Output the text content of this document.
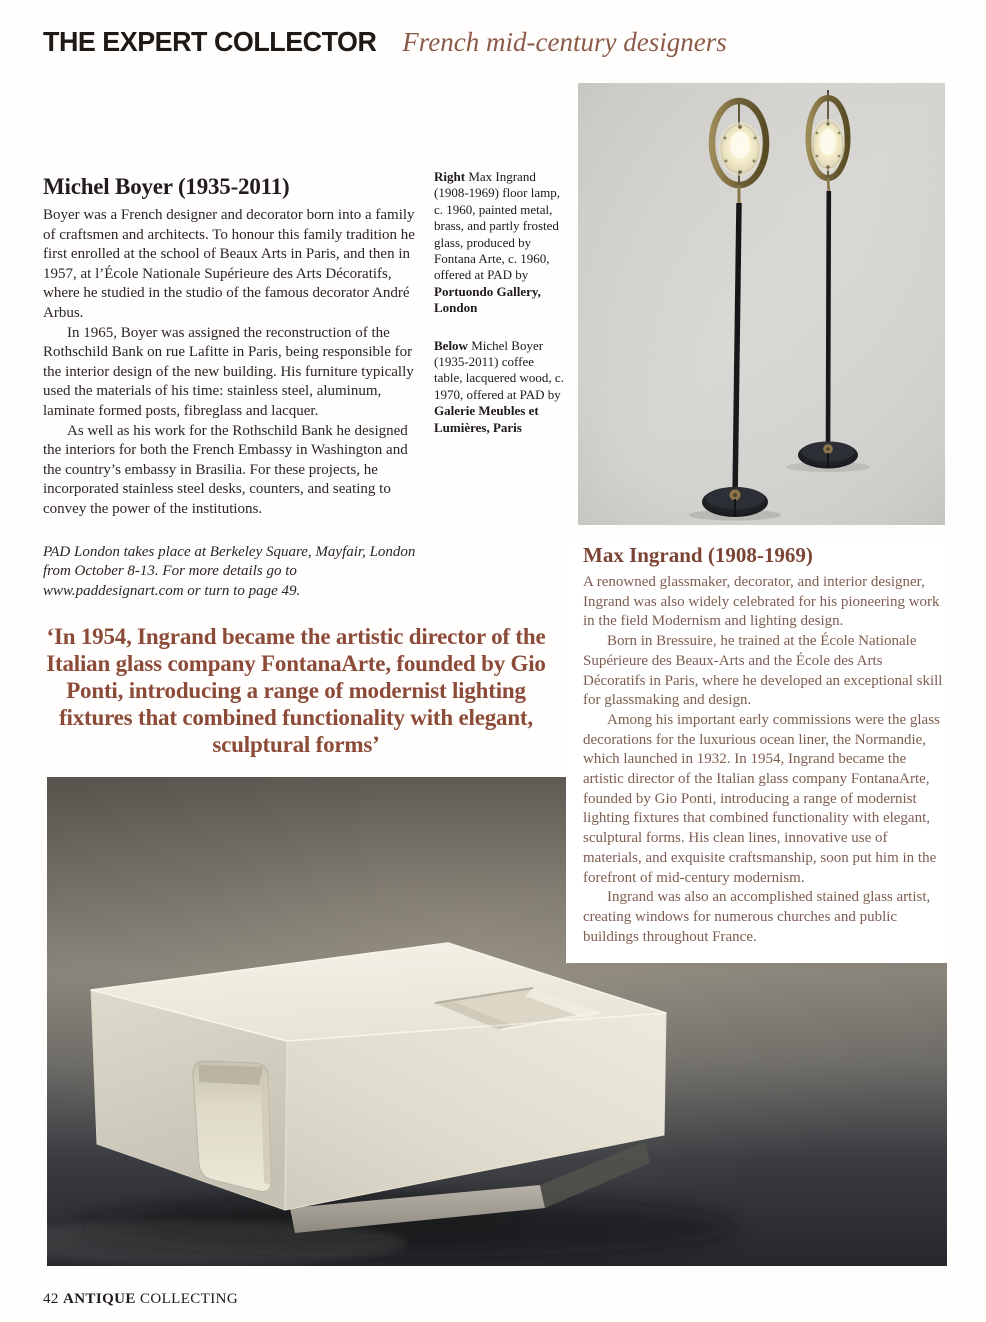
THE EXPERT COLLECTOR French mid-century designers
Michel Boyer (1935-2011)

Boyer was a French designer and decorator born into a family of craftsmen and architects. To honour this family tradition he first enrolled at the school of Beaux Arts in Paris, and then in 1957, at l’École Nationale Supérieure des Arts Décoratifs, where he studied in the studio of the famous decorator André Arbus.

In 1965, Boyer was assigned the reconstruction of the Rothschild Bank on rue Lafitte in Paris, being responsible for the interior design of the new building. His furniture typically used the materials of his time: stainless steel, aluminum, laminate formed posts, fibreglass and lacquer.

As well as his work for the Rothschild Bank he designed the interiors for both the French Embassy in Washington and the country’s embassy in Brasilia. For these projects, he incorporated stainless steel desks, counters, and seating to convey the power of the institutions.

PAD London takes place at Berkeley Square, Mayfair, London from October 8-13. For more details go to www.paddesignart.com or turn to page 49.

Right Max Ingrand (1908-1969) floor lamp, c. 1960, painted metal, brass, and partly frosted glass, produced by Fontana Arte, c. 1960, offered at PAD by Portuondo Gallery, London
Below Michel Boyer (1935-2011) coffee table, lacquered wood, c. 1970, offered at PAD by Galerie Meubles et Lumières, Paris
‘In 1954, Ingrand became the artistic director of the Italian glass company FontanaArte, founded by Gio Ponti, introducing a range of modernist lighting fixtures that combined functionality with elegant, sculptural forms’
Max Ingrand (1908-1969)

A renowned glassmaker, decorator, and interior designer, Ingrand was also widely celebrated for his pioneering work in the field Modernism and lighting design.

Born in Bressuire, he trained at the École Nationale Supérieure des Beaux-Arts and the École des Arts Décoratifs in Paris, where he developed an exceptional skill for glassmaking and design.

Among his important early commissions were the glass decorations for the luxurious ocean liner, the Normandie, which launched in 1932. In 1954, Ingrand became the artistic director of the Italian glass company FontanaArte, founded by Gio Ponti, introducing a range of modernist lighting fixtures that combined functionality with elegant, sculptural forms. His clean lines, innovative use of materials, and exquisite craftsmanship, soon put him in the forefront of mid-century modernism.

Ingrand was also an accomplished stained glass artist, creating windows for numerous churches and public buildings throughout France.

42 ANTIQUE COLLECTING
